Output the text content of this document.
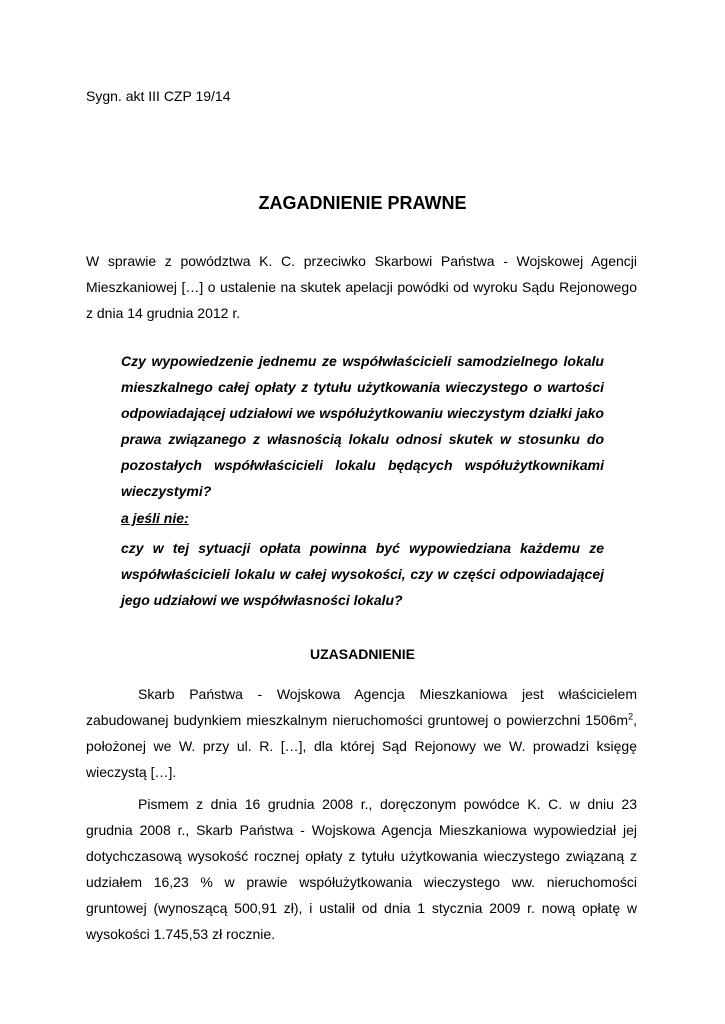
Sygn. akt III CZP 19/14

ZAGADNIENIE PRAWNE

W sprawie z powództwa K. C. przeciwko Skarbowi Państwa - Wojskowej Agencji Mieszkaniowej […] o ustalenie na skutek apelacji powódki od wyroku Sądu Rejonowego z dnia 14 grudnia 2012 r.

Czy wypowiedzenie jednemu ze współwłaścicieli samodzielnego lokalu mieszkalnego całej opłaty z tytułu użytkowania wieczystego o wartości odpowiadającej udziałowi we współużytkowaniu wieczystym działki jako prawa związanego z własnością lokalu odnosi skutek w stosunku do pozostałych współwłaścicieli lokalu będących współużytkownikami wieczystymi?

a jeśli nie:

czy w tej sytuacji opłata powinna być wypowiedziana każdemu ze współwłaścicieli lokalu w całej wysokości, czy w części odpowiadającej jego udziałowi we współwłasności lokalu?

UZASADNIENIE

Skarb Państwa - Wojskowa Agencja Mieszkaniowa jest właścicielem zabudowanej budynkiem mieszkalnym nieruchomości gruntowej o powierzchni $1506m^2$, położonej we W. przy ul. R. […], dla której Sąd Rejonowy we W. prowadzi księgę wieczystą […].

Pismem z dnia 16 grudnia 2008 r., doręczonym powódce K. C. w dniu 23 grudnia 2008 r., Skarb Państwa - Wojskowa Agencja Mieszkaniowa wypowiedział jej dotychczasową wysokość rocznej opłaty z tytułu użytkowania wieczystego związaną z udziałem 16,23 % w prawie współużytkowania wieczystego ww. nieruchomości gruntowej (wynoszącą 500,91 zł), i ustalił od dnia 1 stycznia 2009 r. nową opłatę w wysokości 1.745,53 zł rocznie.
